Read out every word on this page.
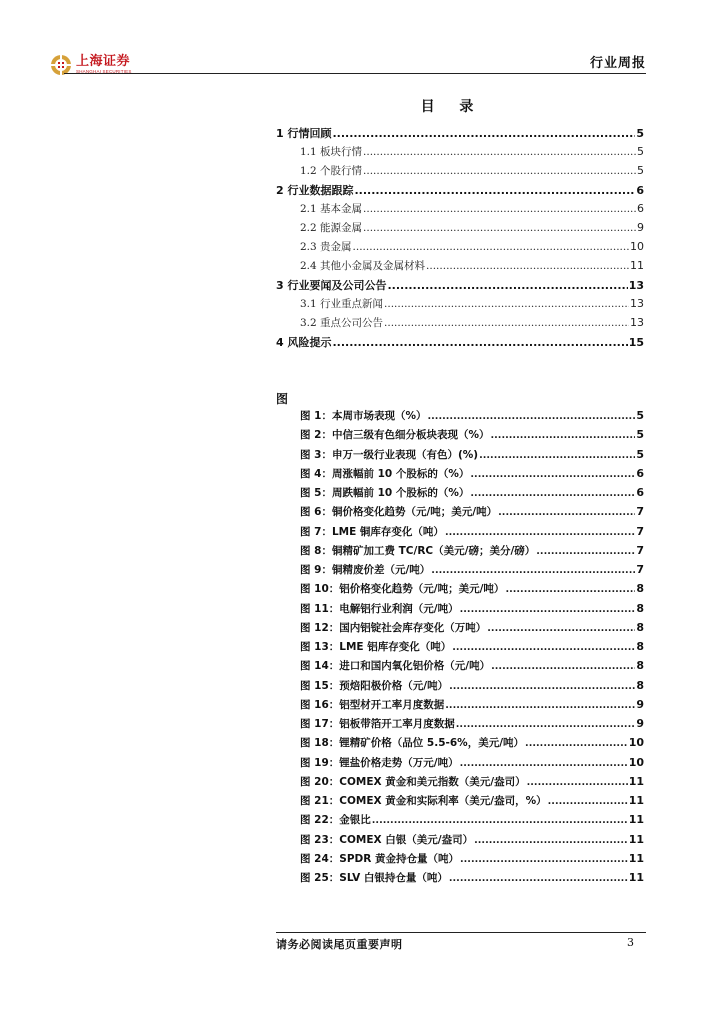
上海证券
SHANGHAI SECURITIES
行业周报
目 录
1 行情回顾 .....	5
1.1 板块行情 .....	5
1.2 个股行情 .....	5
2 行业数据跟踪 .....	6
2.1 基本金属 .....	6
2.2 能源金属 .....	9
2.3 贵金属 .....	10
2.4 其他小金属及金属材料 .....	11
3 行业要闻及公司公告 .....	13
3.1 行业重点新闻 .....	13
3.2 重点公司公告 .....	13
4 风险提示 .....	15
图
图 1：本周市场表现（%） .....	5
图 2：中信三级有色细分板块表现（%） .....	5
图 3：申万一级行业表现（有色）(%) .....	5
图 4：周涨幅前 10 个股标的（%） .....	6
图 5：周跌幅前 10 个股标的（%） .....	6
图 6：铜价格变化趋势（元/吨；美元/吨） .....	7
图 7：LME 铜库存变化（吨） .....	7
图 8：铜精矿加工费 TC/RC（美元/磅；美分/磅） .....	7
图 9：铜精废价差（元/吨） .....	7
图 10：铝价格变化趋势（元/吨；美元/吨） .....	8
图 11：电解铝行业利润（元/吨） .....	8
图 12：国内铝锭社会库存变化（万吨） .....	8
图 13：LME 铝库存变化（吨） .....	8
图 14：进口和国内氧化铝价格（元/吨） .....	8
图 15：预焙阳极价格（元/吨） .....	8
图 16：铝型材开工率月度数据 .....	9
图 17：铝板带箔开工率月度数据 .....	9
图 18：锂精矿价格（品位 5.5-6%，美元/吨） .....	10
图 19：锂盐价格走势（万元/吨） .....	10
图 20：COMEX 黄金和美元指数（美元/盎司） .....	11
图 21：COMEX 黄金和实际利率（美元/盎司，%） .....	11
图 22：金银比 .....	11
图 23：COMEX 白银（美元/盎司） .....	11
图 24：SPDR 黄金持仓量（吨） .....	11
图 25：SLV 白银持仓量（吨） .....	11
请务必阅读尾页重要声明	3
